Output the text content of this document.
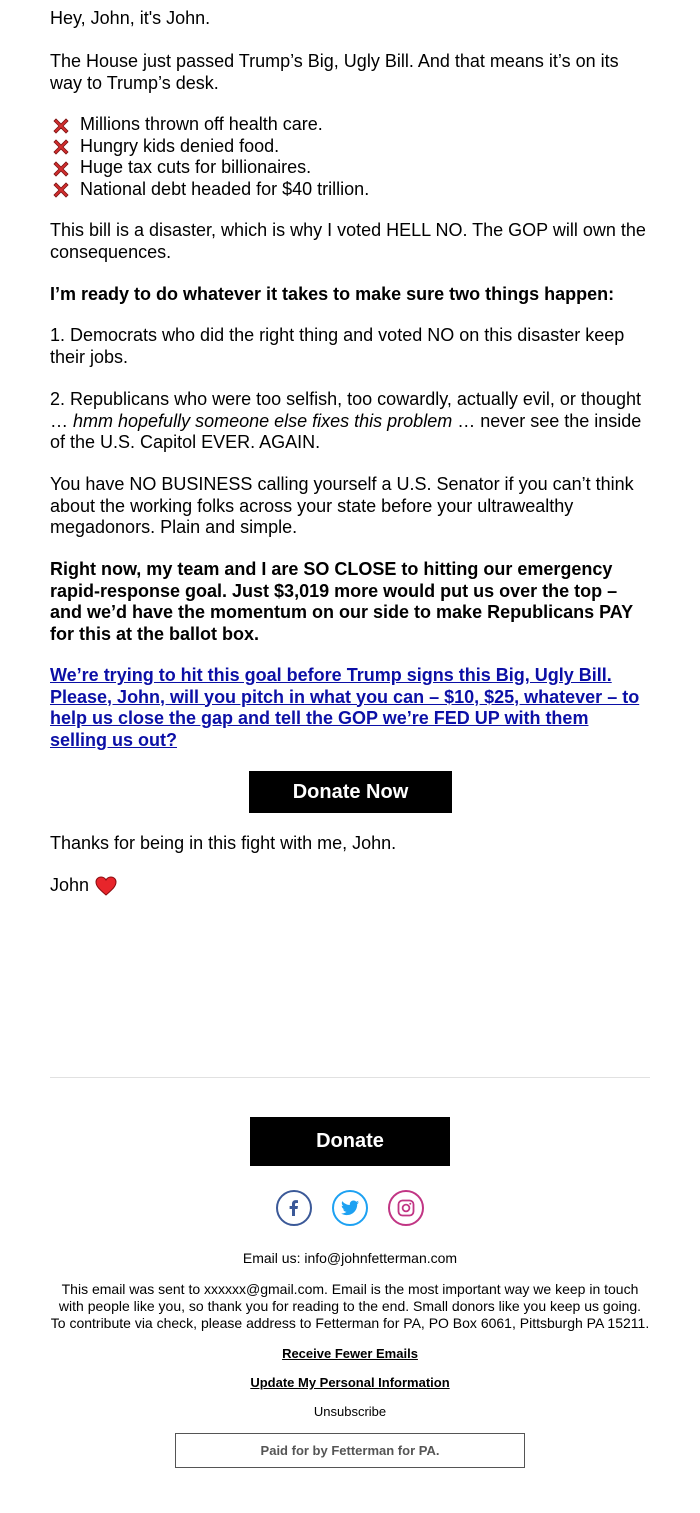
Hey, John, it's John.

The House just passed Trump’s Big, Ugly Bill. And that means it’s on its way to Trump’s desk.

Millions thrown off health care.
Hungry kids denied food.
Huge tax cuts for billionaires.
National debt headed for $40 trillion.

This bill is a disaster, which is why I voted HELL NO. The GOP will own the consequences.

I’m ready to do whatever it takes to make sure two things happen:

1. Democrats who did the right thing and voted NO on this disaster keep their jobs.

2. Republicans who were too selfish, too cowardly, actually evil, or thought … hmm hopefully someone else fixes this problem … never see the inside of the U.S. Capitol EVER. AGAIN.

You have NO BUSINESS calling yourself a U.S. Senator if you can’t think about the working folks across your state before your ultrawealthy megadonors. Plain and simple.

Right now, my team and I are SO CLOSE to hitting our emergency rapid-response goal. Just $3,019 more would put us over the top – and we’d have the momentum on our side to make Republicans PAY for this at the ballot box.

We’re trying to hit this goal before Trump signs this Big, Ugly Bill. Please, John, will you pitch in what you can – $10, $25, whatever – to help us close the gap and tell the GOP we’re FED UP with them selling us out?

Thanks for being in this fight with me, John.

John

Donate Now
Donate
Email us: info@johnfetterman.com
This email was sent to xxxxxx@gmail.com. Email is the most important way we keep in touch
with people like you, so thank you for reading to the end. Small donors like you keep us going.
To contribute via check, please address to Fetterman for PA, PO Box 6061, Pittsburgh PA 15211.
Receive Fewer Emails
Update My Personal Information
Unsubscribe
Paid for by Fetterman for PA.
